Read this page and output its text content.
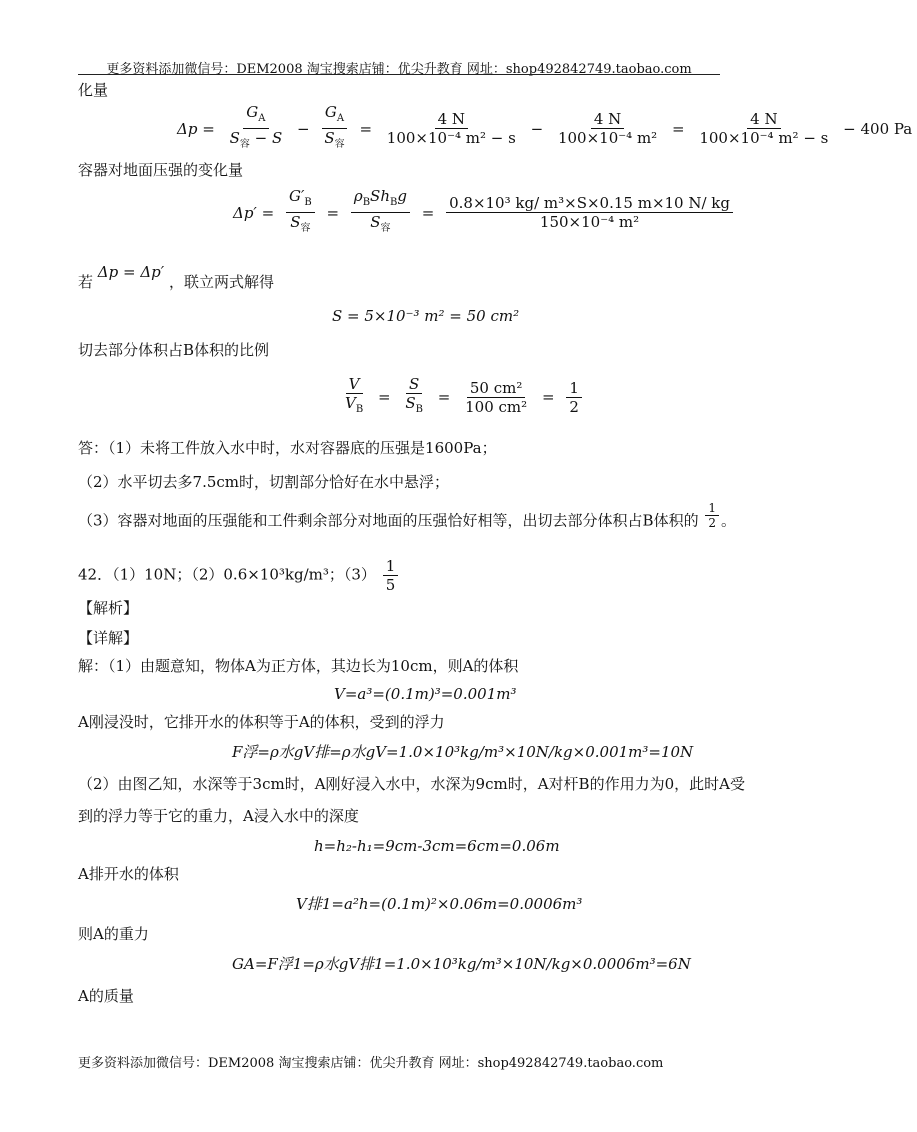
更多资料添加微信号：DEM2008 淘宝搜索店铺：优尖升教育 网址：shop492842749.taobao.com
化量
$\Delta p = \frac{G_A}{S_容 - S} - \frac{G_A}{S_容} = \frac{4 N}{\text{100×10⁻⁴ m² − s}} - \frac{4 N}{\text{100×10⁻⁴ m²}} = \frac{4 N}{\text{100×10⁻⁴ m² − s}} - 400$ Pa
容器对地面压强的变化量
$\Delta p' = \frac{G'_B}{S_容} = \frac{\rho_BSh_Bg}{S_容} = \frac{\text{0.8×10³ kg/ m³×S×0.15 m×10 N/ kg}}{\text{150×10⁻⁴ m²}}$
若 Δp = Δp′ ，联立两式解得
S = 5×10⁻³ m² = 50 cm²
切去部分体积占B体积的比例
$\frac{V}{V_B} = \frac{S}{S_B} = \frac{\text{50 cm²}}{\text{100 cm²}} = \frac{1}{2}$
答：（1）未将工件放入水中时，水对容器底的压强是1600Pa；
（2）水平切去多7.5cm时，切割部分恰好在水中悬浮；
（3）容器对地面的压强能和工件剩余部分对地面的压强恰好相等，出切去部分体积占B体积的 $\frac{1}{2}$ 。
42．（1）10N；（2）0.6×10³kg/m³；$(3) \frac{1}{5}$
【解析】
【详解】
解：（1）由题意知，物体A为正方体，其边长为10cm，则A的体积
V=a³=(0.1m)³=0.001m³
A刚浸没时，它排开水的体积等于A的体积，受到的浮力
F浮=ρ水gV排=ρ水gV=1.0×10³kg/m³×10N/kg×0.001m³=10N
（2）由图乙知，水深等于3cm时，A刚好浸入水中，水深为9cm时，A对杆B的作用力为0，此时A受
到的浮力等于它的重力，A浸入水中的深度
h=h₂-h₁=9cm-3cm=6cm=0.06m
A排开水的体积
V排1=a²h=(0.1m)²×0.06m=0.0006m³
则A的重力
GA=F浮1=ρ水gV排1=1.0×10³kg/m³×10N/kg×0.0006m³=6N
A的质量
更多资料添加微信号：DEM2008 淘宝搜索店铺：优尖升教育 网址：shop492842749.taobao.com
